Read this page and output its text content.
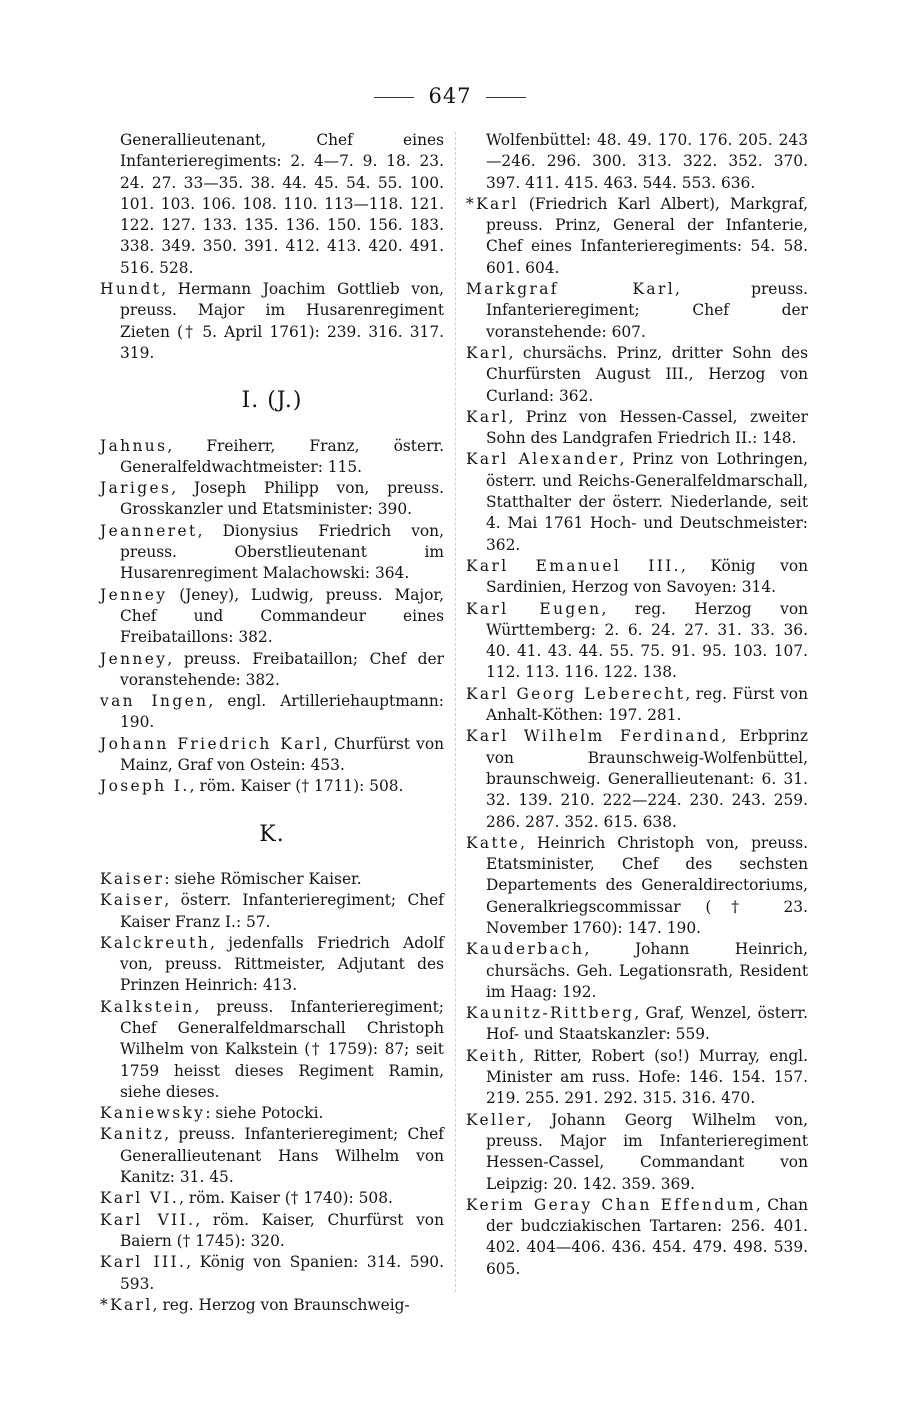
647

Generallieutenant, Chef eines Infanterieregiments: 2. 4—7. 9. 18. 23. 24. 27. 33—35. 38. 44. 45. 54. 55. 100. 101. 103. 106. 108. 110. 113—118. 121. 122. 127. 133. 135. 136. 150. 156. 183. 338. 349. 350. 391. 412. 413. 420. 491. 516. 528.

Hundt, Hermann Joachim Gottlieb von, preuss. Major im Husarenregiment Zieten († 5. April 1761): 239. 316. 317. 319.

I. (J.)

Jahnus, Freiherr, Franz, österr. Generalfeldwachtmeister: 115.

Jariges, Joseph Philipp von, preuss. Grosskanzler und Etatsminister: 390.

Jeanneret, Dionysius Friedrich von, preuss. Oberstlieutenant im Husarenregiment Malachowski: 364.

Jenney (Jeney), Ludwig, preuss. Major, Chef und Commandeur eines Freibataillons: 382.

Jenney, preuss. Freibataillon; Chef der voranstehende: 382.

van Ingen, engl. Artilleriehauptmann: 190.

Johann Friedrich Karl, Churfürst von Mainz, Graf von Ostein: 453.

Joseph I., röm. Kaiser († 1711): 508.

K.

Kaiser: siehe Römischer Kaiser.

Kaiser, österr. Infanterieregiment; Chef Kaiser Franz I.: 57.

Kalckreuth, jedenfalls Friedrich Adolf von, preuss. Rittmeister, Adjutant des Prinzen Heinrich: 413.

Kalkstein, preuss. Infanterieregiment; Chef Generalfeldmarschall Christoph Wilhelm von Kalkstein († 1759): 87; seit 1759 heisst dieses Regiment Ramin, siehe dieses.

Kaniewsky: siehe Potocki.

Kanitz, preuss. Infanterieregiment; Chef Generallieutenant Hans Wilhelm von Kanitz: 31. 45.

Karl VI., röm. Kaiser († 1740): 508.

Karl VII., röm. Kaiser, Churfürst von Baiern († 1745): 320.

Karl III., König von Spanien: 314. 590. 593.

*Karl, reg. Herzog von Braunschweig-

Wolfenbüttel: 48. 49. 170. 176. 205. 243—246. 296. 300. 313. 322. 352. 370. 397. 411. 415. 463. 544. 553. 636.

*Karl (Friedrich Karl Albert), Markgraf, preuss. Prinz, General der Infanterie, Chef eines Infanterieregiments: 54. 58. 601. 604.

Markgraf Karl, preuss. Infanterieregiment; Chef der voranstehende: 607.

Karl, chursächs. Prinz, dritter Sohn des Churfürsten August III., Herzog von Curland: 362.

Karl, Prinz von Hessen-Cassel, zweiter Sohn des Landgrafen Friedrich II.: 148.

Karl Alexander, Prinz von Lothringen, österr. und Reichs-Generalfeldmarschall, Statthalter der österr. Niederlande, seit 4. Mai 1761 Hoch- und Deutschmeister: 362.

Karl Emanuel III., König von Sardinien, Herzog von Savoyen: 314.

Karl Eugen, reg. Herzog von Württemberg: 2. 6. 24. 27. 31. 33. 36. 40. 41. 43. 44. 55. 75. 91. 95. 103. 107. 112. 113. 116. 122. 138.

Karl Georg Leberecht, reg. Fürst von Anhalt-Köthen: 197. 281.

Karl Wilhelm Ferdinand, Erbprinz von Braunschweig-Wolfenbüttel, braunschweig. Generallieutenant: 6. 31. 32. 139. 210. 222—224. 230. 243. 259. 286. 287. 352. 615. 638.

Katte, Heinrich Christoph von, preuss. Etatsminister, Chef des sechsten Departements des Generaldirectoriums, Generalkriegscommissar († 23. November 1760): 147. 190.

Kauderbach, Johann Heinrich, chursächs. Geh. Legationsrath, Resident im Haag: 192.

Kaunitz-Rittberg, Graf, Wenzel, österr. Hof- und Staatskanzler: 559.

Keith, Ritter, Robert (so!) Murray, engl. Minister am russ. Hofe: 146. 154. 157. 219. 255. 291. 292. 315. 316. 470.

Keller, Johann Georg Wilhelm von, preuss. Major im Infanterieregiment Hessen-Cassel, Commandant von Leipzig: 20. 142. 359. 369.

Kerim Geray Chan Effendum, Chan der budcziakischen Tartaren: 256. 401. 402. 404—406. 436. 454. 479. 498. 539. 605.
